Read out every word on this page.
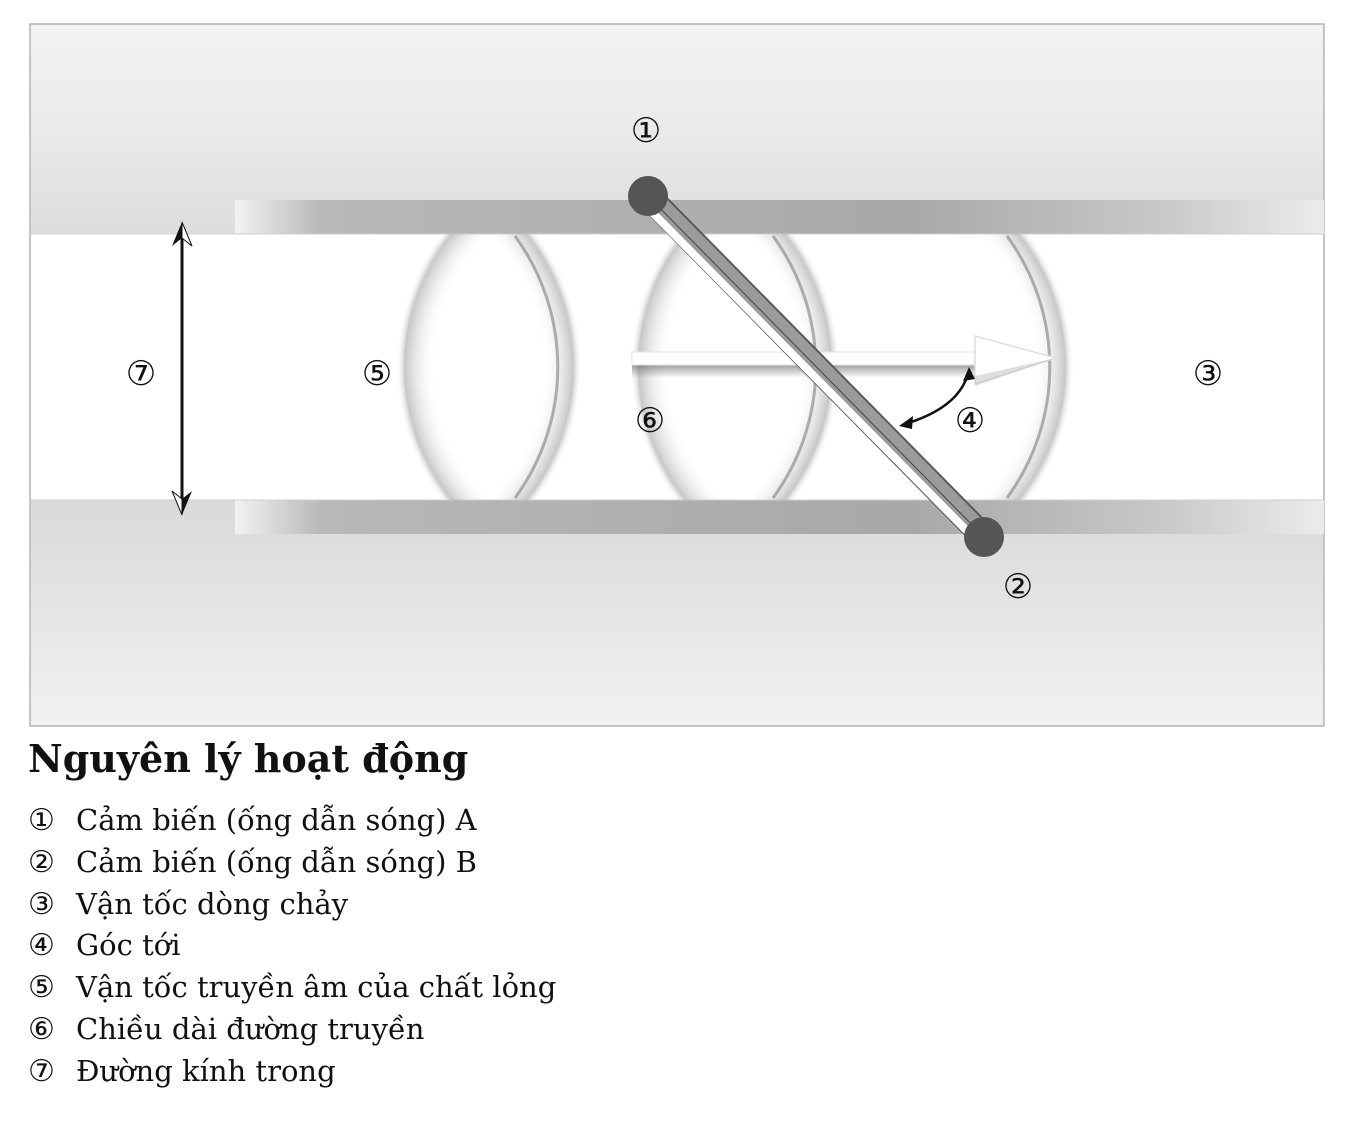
①
②
③
④
⑤
⑥
⑦
Nguyên lý hoạt động
① Cảm biến (ống dẫn sóng) A
② Cảm biến (ống dẫn sóng) B
③ Vận tốc dòng chảy
④ Góc tới
⑤ Vận tốc truyền âm của chất lỏng
⑥ Chiều dài đường truyền
⑦ Đường kính trong
